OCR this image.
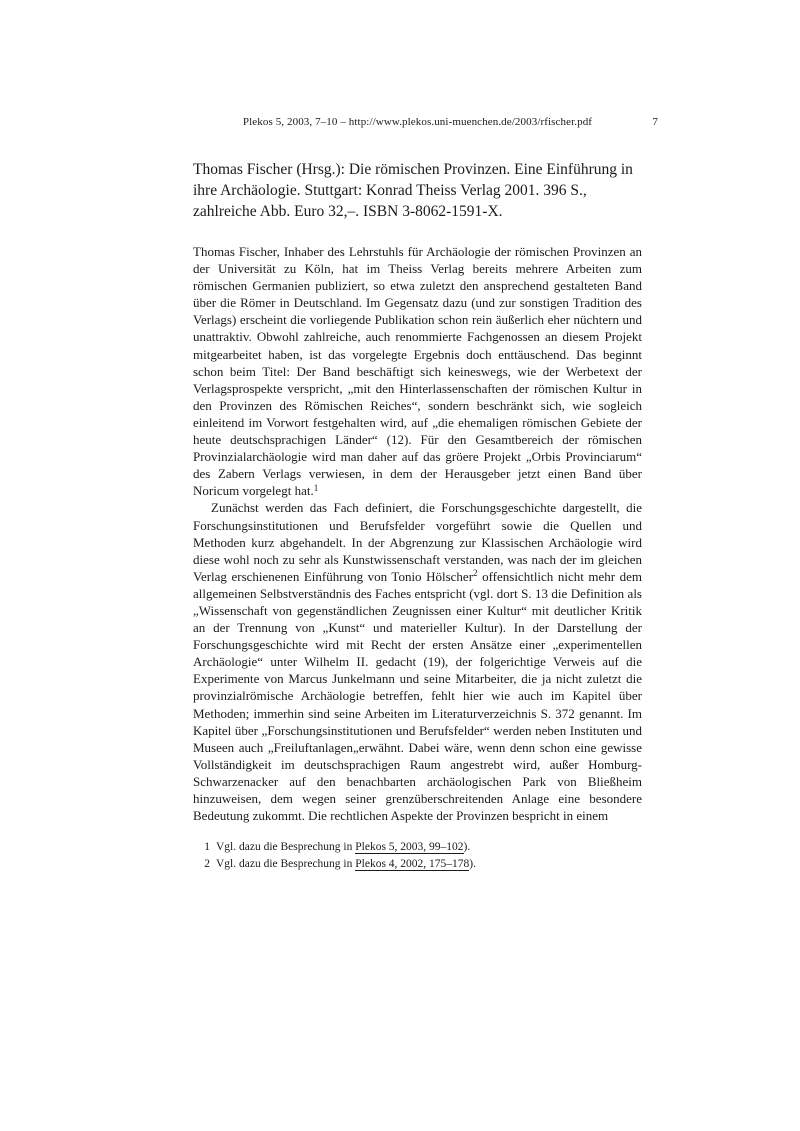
Plekos 5, 2003, 7–10 – http://www.plekos.uni-muenchen.de/2003/rfischer.pdf	7
Thomas Fischer (Hrsg.): Die römischen Provinzen. Eine Einführung in ihre Archäologie. Stuttgart: Konrad Theiss Verlag 2001. 396 S., zahlreiche Abb. Euro 32,–. ISBN 3-8062-1591-X.

Thomas Fischer, Inhaber des Lehrstuhls für Archäologie der römischen Provinzen an der Universität zu Köln, hat im Theiss Verlag bereits mehrere Arbeiten zum römischen Germanien publiziert, so etwa zuletzt den ansprechend gestalteten Band über die Römer in Deutschland. Im Gegensatz dazu (und zur sonstigen Tradition des Verlags) erscheint die vorliegende Publikation schon rein äußerlich eher nüchtern und unattraktiv. Obwohl zahlreiche, auch renommierte Fachgenossen an diesem Projekt mitgearbeitet haben, ist das vorgelegte Ergebnis doch enttäuschend. Das beginnt schon beim Titel: Der Band beschäftigt sich keineswegs, wie der Werbetext der Verlagsprospekte verspricht, „mit den Hinterlassenschaften der römischen Kultur in den Provinzen des Römischen Reiches“, sondern beschränkt sich, wie sogleich einleitend im Vorwort festgehalten wird, auf „die ehemaligen römischen Gebiete der heute deutschsprachigen Länder“ (12). Für den Gesamtbereich der römischen Provinzialarchäologie wird man daher auf das gröere Projekt „Orbis Provinciarum“ des Zabern Verlags verwiesen, in dem der Herausgeber jetzt einen Band über Noricum vorgelegt hat.$^1$

Zunächst werden das Fach definiert, die Forschungsgeschichte dargestellt, die Forschungsinstitutionen und Berufsfelder vorgeführt sowie die Quellen und Methoden kurz abgehandelt. In der Abgrenzung zur Klassischen Archäologie wird diese wohl noch zu sehr als Kunstwissenschaft verstanden, was nach der im gleichen Verlag erschienenen Einführung von Tonio Hölscher$^2$ offensichtlich nicht mehr dem allgemeinen Selbstverständnis des Faches entspricht (vgl. dort S. 13 die Definition als „Wissenschaft von gegenständlichen Zeugnissen einer Kultur“ mit deutlicher Kritik an der Trennung von „Kunst“ und materieller Kultur). In der Darstellung der Forschungsgeschichte wird mit Recht der ersten Ansätze einer „experimentellen Archäologie“ unter Wilhelm II. gedacht (19), der folgerichtige Verweis auf die Experimente von Marcus Junkelmann und seine Mitarbeiter, die ja nicht zuletzt die provinzialrömische Archäologie betreffen, fehlt hier wie auch im Kapitel über Methoden; immerhin sind seine Arbeiten im Literaturverzeichnis S. 372 genannt. Im Kapitel über „Forschungsinstitutionen und Berufsfelder“ werden neben Instituten und Museen auch „Freiluftanlagen„erwähnt. Dabei wäre, wenn denn schon eine gewisse Vollständigkeit im deutschsprachigen Raum angestrebt wird, außer Homburg-Schwarzenacker auf den benachbarten archäologischen Park von Bließheim hinzuweisen, dem wegen seiner grenzüberschreitenden Anlage eine besondere Bedeutung zukommt. Die rechtlichen Aspekte der Provinzen bespricht in einem

1 Vgl. dazu die Besprechung in Plekos 5, 2003, 99–102).
2 Vgl. dazu die Besprechung in Plekos 4, 2002, 175–178).
